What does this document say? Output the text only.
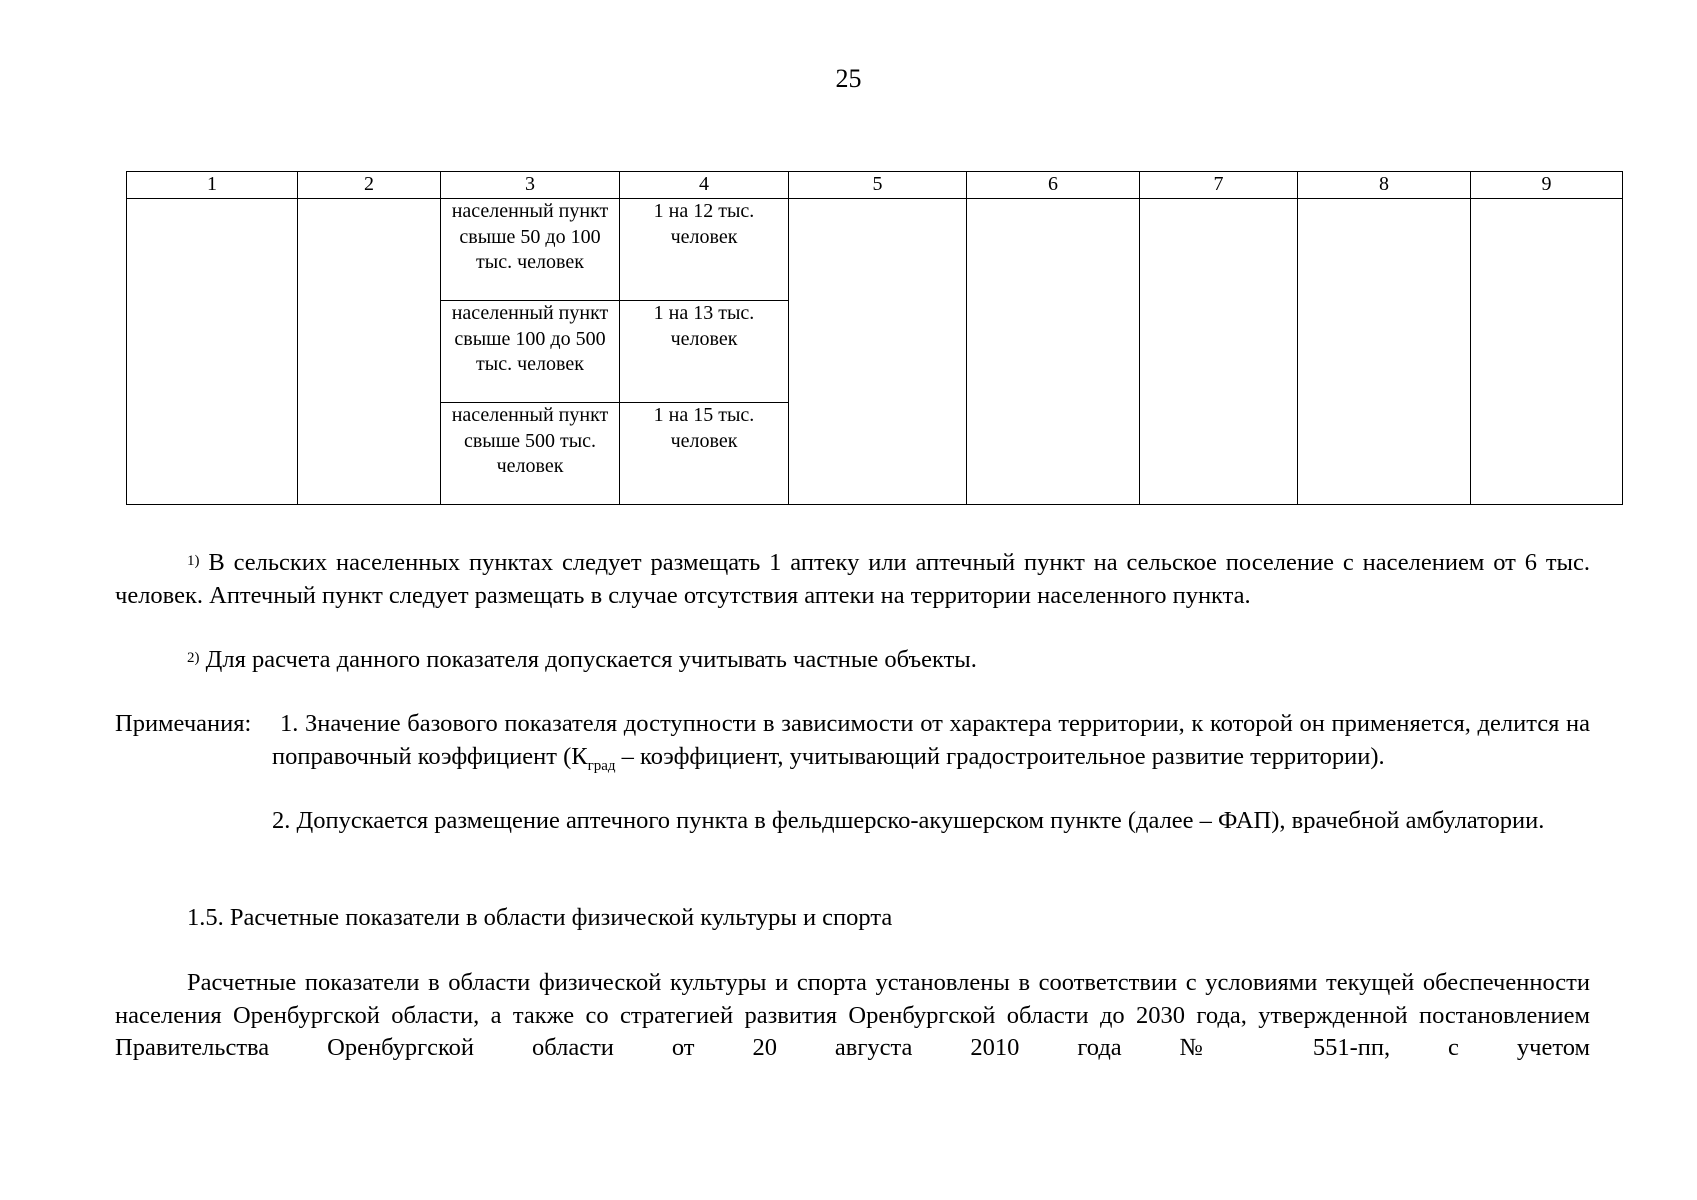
25
1	2	3	4	5	6	7	8	9
		населенный пункт свыше 50 до 100 тыс. человек	1 на 12 тыс. человек					
		населенный пункт свыше 100 до 500 тыс. человек	1 на 13 тыс. человек					
		населенный пункт свыше 500 тыс. человек	1 на 15 тыс. человек					
$^{1)}$ В сельских населенных пунктах следует размещать 1 аптеку или аптечный пункт на сельское поселение с населением от 6 тыс. человек. Аптечный пункт следует размещать в случае отсутствия аптеки на территории населенного пункта.
$^{2)}$ Для расчета данного показателя допускается учитывать частные объекты.
Примечания:	1. Значение базового показателя доступности в зависимости от характера территории, к которой он применяется, делится на поправочный коэффициент ($К_{град}$ – коэффициент, учитывающий градостроительное развитие территории).
2. Допускается размещение аптечного пункта в фельдшерско-акушерском пункте (далее – ФАП), врачебной амбулатории.
1.5. Расчетные показатели в области физической культуры и спорта
Расчетные показатели в области физической культуры и спорта установлены в соответствии с условиями текущей обеспеченности населения Оренбургской области, а также со стратегией развития Оренбургской области до 2030 года, утвержденной постановлением Правительства Оренбургской области от 20 августа 2010 года № 551-пп, с учетом
